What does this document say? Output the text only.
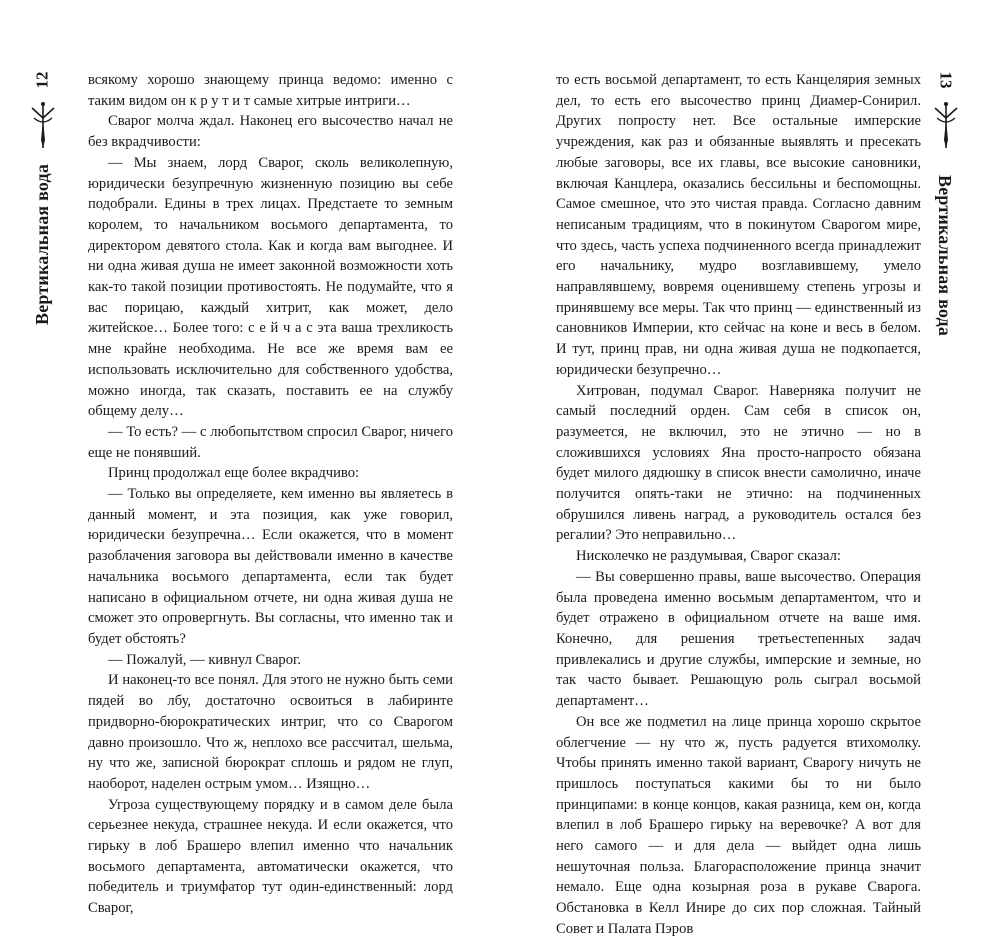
12
Вертикальная вода

всякому хорошо знающему принца ведомо: именно с таким видом он к р у т и т самые хитрые интриги…

Сварог молча ждал. Наконец его высочество начал не без вкрадчивости:

— Мы знаем, лорд Сварог, сколь великолепную, юридически безупречную жизненную позицию вы себе подобрали. Едины в трех лицах. Предстаете то земным королем, то начальником восьмого департамента, то директором девятого стола. Как и когда вам выгоднее. И ни одна живая душа не имеет законной возможности хоть как-то такой позиции противостоять. Не подумайте, что я вас порицаю, каждый хитрит, как может, дело житейское… Более того: с е й ч а с эта ваша трехликость мне крайне необходима. Не все же время вам ее использовать исключительно для собственного удобства, можно иногда, так сказать, поставить ее на службу общему делу…

— То есть? — с любопытством спросил Сварог, ничего еще не понявший.

Принц продолжал еще более вкрадчиво:

— Только вы определяете, кем именно вы являетесь в данный момент, и эта позиция, как уже говорил, юридически безупречна… Если окажется, что в момент разоблачения заговора вы действовали именно в качестве начальника восьмого департамента, если так будет написано в официальном отчете, ни одна живая душа не сможет это опровергнуть. Вы согласны, что именно так и будет обстоять?

— Пожалуй, — кивнул Сварог.

И наконец-то все понял. Для этого не нужно быть семи пядей во лбу, достаточно освоиться в лабиринте придворно-бюрократических интриг, что со Сварогом давно произошло. Что ж, неплохо все рассчитал, шельма, ну что же, записной бюрократ сплошь и рядом не глуп, наоборот, наделен острым умом… Изящно…

Угроза существующему порядку и в самом деле была серьезнее некуда, страшнее некуда. И если окажется, что гирьку в лоб Брашеро влепил именно что начальник восьмого департамента, автоматически окажется, что победитель и триумфатор тут один-единственный: лорд Сварог,

то есть восьмой департамент, то есть Канцелярия земных дел, то есть его высочество принц Диамер-Сонирил. Других попросту нет. Все остальные имперские учреждения, как раз и обязанные выявлять и пресекать любые заговоры, все их главы, все высокие сановники, включая Канцлера, оказались бессильны и беспомощны. Самое смешное, что это чистая правда. Согласно давним неписаным традициям, что в покинутом Сварогом мире, что здесь, часть успеха подчиненного всегда принадлежит его начальнику, мудро возглавившему, умело направлявшему, вовремя оценившему степень угрозы и принявшему все меры. Так что принц — единственный из сановников Империи, кто сейчас на коне и весь в белом. И тут, принц прав, ни одна живая душа не подкопается, юридически безупречно…

Хитрован, подумал Сварог. Наверняка получит не самый последний орден. Сам себя в список он, разумеется, не включил, это не этично — но в сложившихся условиях Яна просто-напросто обязана будет милого дядюшку в список внести самолично, иначе получится опять-таки не этично: на подчиненных обрушился ливень наград, а руководитель остался без регалии? Это неправильно…

Нисколечко не раздумывая, Сварог сказал:

— Вы совершенно правы, ваше высочество. Операция была проведена именно восьмым департаментом, что и будет отражено в официальном отчете на ваше имя. Конечно, для решения третьестепенных задач привлекались и другие службы, имперские и земные, но так часто бывает. Решающую роль сыграл восьмой департамент…

Он все же подметил на лице принца хорошо скрытое облегчение — ну что ж, пусть радуется втихомолку. Чтобы принять именно такой вариант, Сварогу ничуть не пришлось поступаться какими бы то ни было принципами: в конце концов, какая разница, кем он, когда влепил в лоб Брашеро гирьку на веревочке? А вот для него самого — и для дела — выйдет одна лишь нешуточная польза. Благорасположение принца значит немало. Еще одна козырная роза в рукаве Сварога. Обстановка в Келл Инире до сих пор сложная. Тайный Совет и Палата Пэров

13
Вертикальная вода
